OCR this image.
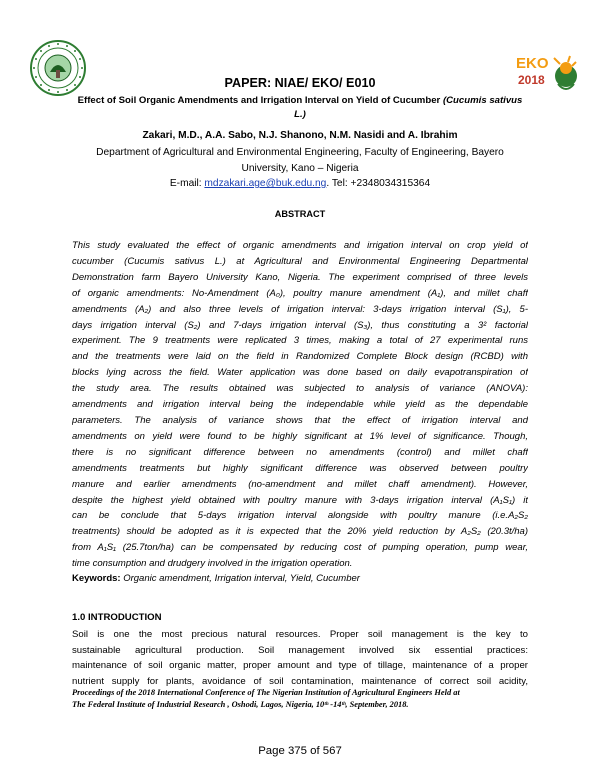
EKO
2018
PAPER: NIAE/ EKO/ E010
Effect of Soil Organic Amendments and Irrigation Interval on Yield of Cucumber (Cucumis sativus L.)
Zakari, M.D., A.A. Sabo, N.J. Shanono, N.M. Nasidi and A. Ibrahim
Department of Agricultural and Environmental Engineering, Faculty of Engineering, Bayero
University, Kano – Nigeria
E-mail: mdzakari.age@buk.edu.ng. Tel: +2348034315364
ABSTRACT
This study evaluated the effect of organic amendments and irrigation interval on crop yield of
cucumber (Cucumis sativus L.) at Agricultural and Environmental Engineering Departmental
Demonstration farm Bayero University Kano, Nigeria. The experiment comprised of three levels
of organic amendments: No-Amendment (A₀), poultry manure amendment (A₁), and millet chaff
amendments (A₂) and also three levels of irrigation interval: 3-days irrigation interval (S₁), 5-
days irrigation interval (S₂) and 7-days irrigation interval (S₃), thus constituting a 3² factorial
experiment. The 9 treatments were replicated 3 times, making a total of 27 experimental runs
and the treatments were laid on the field in Randomized Complete Block design (RCBD) with
blocks lying across the field. Water application was done based on daily evapotranspiration of
the study area. The results obtained was subjected to analysis of variance (ANOVA):
amendments and irrigation interval being the independable while yield as the dependable
parameters. The analysis of variance shows that the effect of irrigation interval and
amendments on yield were found to be highly significant at 1% level of significance. Though,
there is no significant difference between no amendments (control) and millet chaff
amendments treatments but highly significant difference was observed between poultry
manure and earlier amendments (no-amendment and millet chaff amendment). However,
despite the highest yield obtained with poultry manure with 3-days irrigation interval (A₁S₁) it
can be conclude that 5-days irrigation interval alongside with poultry manure (i.e.A₂S₂
treatments) should be adopted as it is expected that the 20% yield reduction by A₂S₂ (20.3t/ha)
from A₁S₁ (25.7ton/ha) can be compensated by reducing cost of pumping operation, pump wear,
time consumption and drudgery involved in the irrigation operation.
Keywords: Organic amendment, Irrigation interval, Yield, Cucumber
1.0 INTRODUCTION
Soil is one the most precious natural resources. Proper soil management is the key to
sustainable agricultural production. Soil management involved six essential practices:
maintenance of soil organic matter, proper amount and type of tillage, maintenance of a proper
nutrient supply for plants, avoidance of soil contamination, maintenance of correct soil acidity,
Proceedings of the 2018 International Conference of The Nigerian Institution of Agricultural Engineers Held at
The Federal Institute of Industrial Research , Oshodi, Lagos, Nigeria, 10ᵗʰ -14ᵗʰ, September, 2018.
Page 375 of 567
